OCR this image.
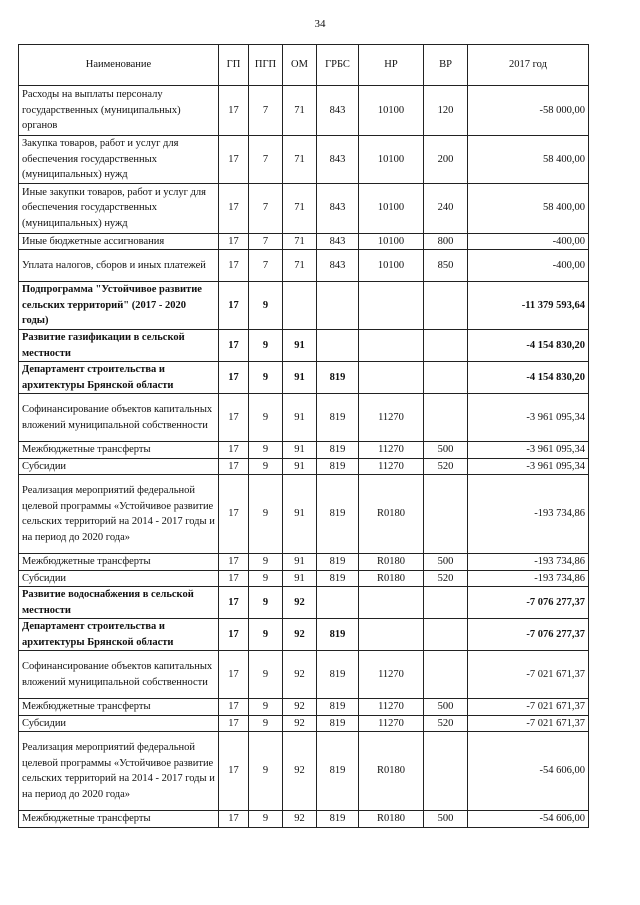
34
Наименование	ГП	ПГП	ОМ	ГРБС	НР	ВР	2017 год
Расходы на выплаты персоналу государственных (муниципальных) органов	17	7	71	843	10100	120	-58 000,00
Закупка товаров, работ и услуг для обеспечения государственных (муниципальных) нужд	17	7	71	843	10100	200	58 400,00
Иные закупки товаров, работ и услуг для обеспечения государственных (муниципальных) нужд	17	7	71	843	10100	240	58 400,00
Иные бюджетные ассигнования	17	7	71	843	10100	800	-400,00
Уплата налогов, сборов и иных платежей	17	7	71	843	10100	850	-400,00
Подпрограмма "Устойчивое развитие сельских территорий" (2017 - 2020 годы)	17	9					-11 379 593,64
Развитие газификации в сельской местности	17	9	91				-4 154 830,20
Департамент строительства и архитектуры Брянской области	17	9	91	819			-4 154 830,20
Софинансирование объектов капитальных вложений муниципальной собственности	17	9	91	819	11270		-3 961 095,34
Межбюджетные трансферты	17	9	91	819	11270	500	-3 961 095,34
Субсидии	17	9	91	819	11270	520	-3 961 095,34
Реализация мероприятий федеральной целевой программы «Устойчивое развитие сельских территорий на 2014 - 2017 годы и на период до 2020 года»	17	9	91	819	R0180		-193 734,86
Межбюджетные трансферты	17	9	91	819	R0180	500	-193 734,86
Субсидии	17	9	91	819	R0180	520	-193 734,86
Развитие водоснабжения в сельской местности	17	9	92				-7 076 277,37
Департамент строительства и архитектуры Брянской области	17	9	92	819			-7 076 277,37
Софинансирование объектов капитальных вложений муниципальной собственности	17	9	92	819	11270		-7 021 671,37
Межбюджетные трансферты	17	9	92	819	11270	500	-7 021 671,37
Субсидии	17	9	92	819	11270	520	-7 021 671,37
Реализация мероприятий федеральной целевой программы «Устойчивое развитие сельских территорий на 2014 - 2017 годы и на период до 2020 года»	17	9	92	819	R0180		-54 606,00
Межбюджетные трансферты	17	9	92	819	R0180	500	-54 606,00
